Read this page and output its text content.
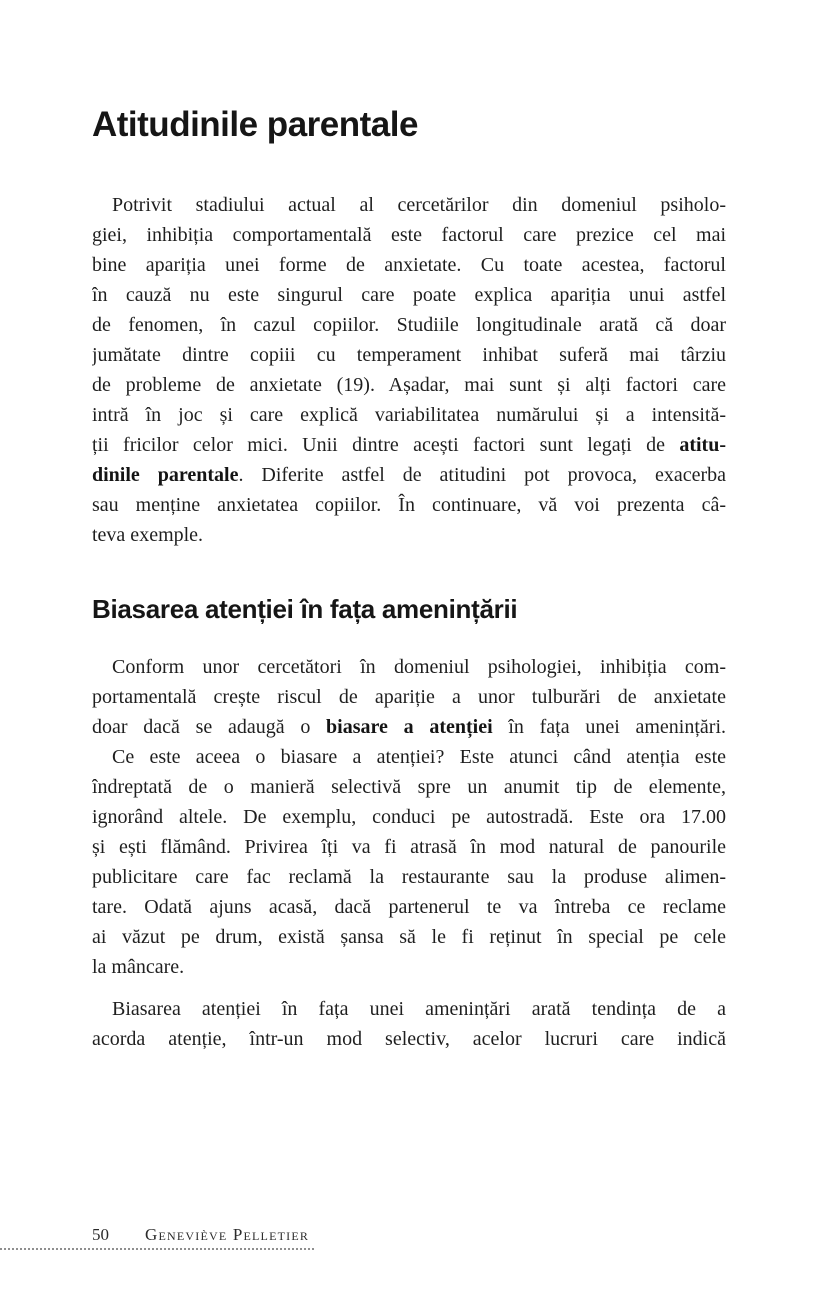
Atitudinile parentale
Potrivit stadiului actual al cercetărilor din domeniul psiholo-
giei, inhibiția comportamentală este factorul care prezice cel mai
bine apariția unei forme de anxietate. Cu toate acestea, factorul
în cauză nu este singurul care poate explica apariția unui astfel
de fenomen, în cazul copiilor. Studiile longitudinale arată că doar
jumătate dintre copiii cu temperament inhibat suferă mai târziu
de probleme de anxietate (19). Așadar, mai sunt și alți factori care
intră în joc și care explică variabilitatea numărului și a intensită-
ții fricilor celor mici. Unii dintre acești factori sunt legați de atitu-
dinile parentale. Diferite astfel de atitudini pot provoca, exacerba
sau menține anxietatea copiilor. În continuare, vă voi prezenta câ-
teva exemple.
Biasarea atenției în fața amenințării
Conform unor cercetători în domeniul psihologiei, inhibiția com-
portamentală crește riscul de apariție a unor tulburări de anxietate
doar dacă se adaugă o biasare a atenției în fața unei amenințări.
Ce este aceea o biasare a atenției? Este atunci când atenția este
îndreptată de o manieră selectivă spre un anumit tip de elemente,
ignorând altele. De exemplu, conduci pe autostradă. Este ora 17.00
și ești flămând. Privirea îți va fi atrasă în mod natural de panourile
publicitare care fac reclamă la restaurante sau la produse alimen-
tare. Odată ajuns acasă, dacă partenerul te va întreba ce reclame
ai văzut pe drum, există șansa să le fi reținut în special pe cele
la mâncare.
Biasarea atenției în fața unei amenințări arată tendința de a
acorda atenție, într-un mod selectiv, acelor lucruri care indică
50 Geneviève Pelletier
